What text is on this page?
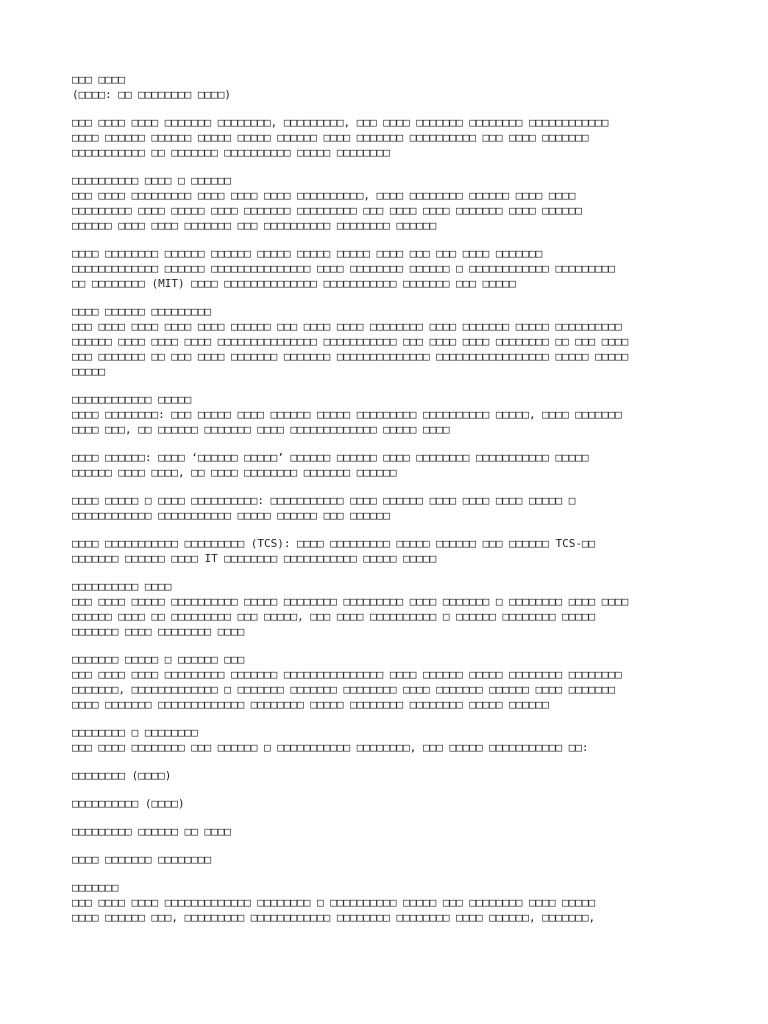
□□□ □□□□
(□□□□: □□ □□□□□□□□ □□□□)
□□□ □□□□ □□□□ □□□□□□□ □□□□□□□□, □□□□□□□□□, □□□ □□□□ □□□□□□□ □□□□□□□□ □□□□□□□□□□□□
□□□□ □□□□□□ □□□□□□ □□□□□ □□□□□ □□□□□□ □□□□ □□□□□□□ □□□□□□□□□□ □□□ □□□□ □□□□□□□
□□□□□□□□□□□ □□ □□□□□□□ □□□□□□□□□□ □□□□□ □□□□□□□□
□□□□□□□□□□ □□□□ □ □□□□□□
□□□ □□□□ □□□□□□□□□ □□□□ □□□□ □□□□ □□□□□□□□□□, □□□□ □□□□□□□□ □□□□□□ □□□□ □□□□
□□□□□□□□□ □□□□ □□□□□ □□□□ □□□□□□□ □□□□□□□□□ □□□ □□□□ □□□□ □□□□□□□ □□□□ □□□□□□
□□□□□□ □□□□ □□□□ □□□□□□□ □□□ □□□□□□□□□□ □□□□□□□□ □□□□□□
□□□□ □□□□□□□□ □□□□□□ □□□□□□ □□□□□ □□□□□ □□□□□ □□□□ □□□ □□□ □□□□ □□□□□□□
□□□□□□□□□□□□□ □□□□□□ □□□□□□□□□□□□□□□ □□□□ □□□□□□□□ □□□□□□ □ □□□□□□□□□□□□ □□□□□□□□□
□□ □□□□□□□□ (MIT) □□□□ □□□□□□□□□□□□□□ □□□□□□□□□□□ □□□□□□□ □□□ □□□□□
□□□□ □□□□□□ □□□□□□□□□
□□□ □□□□ □□□□ □□□□ □□□□ □□□□□□ □□□ □□□□ □□□□ □□□□□□□□ □□□□ □□□□□□□ □□□□□ □□□□□□□□□□
□□□□□□ □□□□ □□□□ □□□□ □□□□□□□□□□□□□□□ □□□□□□□□□□□ □□□ □□□□ □□□□ □□□□□□□□ □□ □□□ □□□□
□□□ □□□□□□□ □□ □□□ □□□□ □□□□□□□ □□□□□□□ □□□□□□□□□□□□□□ □□□□□□□□□□□□□□□□□ □□□□□ □□□□□
□□□□□
□□□□□□□□□□□□ □□□□□
□□□□ □□□□□□□□: □□□ □□□□□ □□□□ □□□□□□ □□□□□ □□□□□□□□□ □□□□□□□□□□ □□□□□, □□□□ □□□□□□□
□□□□ □□□, □□ □□□□□□ □□□□□□□ □□□□ □□□□□□□□□□□□□ □□□□□ □□□□
□□□□ □□□□□□: □□□□ ‘□□□□□□ □□□□□’ □□□□□□ □□□□□□ □□□□ □□□□□□□□ □□□□□□□□□□□ □□□□□
□□□□□□ □□□□ □□□□, □□ □□□□ □□□□□□□□ □□□□□□□ □□□□□□
□□□□ □□□□□ □ □□□□ □□□□□□□□□□: □□□□□□□□□□□ □□□□ □□□□□□ □□□□ □□□□ □□□□ □□□□□ □
□□□□□□□□□□□□ □□□□□□□□□□□ □□□□□ □□□□□□ □□□ □□□□□□
□□□□ □□□□□□□□□□□ □□□□□□□□□ (TCS): □□□□ □□□□□□□□□ □□□□□ □□□□□□ □□□ □□□□□□ TCS-□□
□□□□□□□ □□□□□□ □□□□ IT □□□□□□□□ □□□□□□□□□□□ □□□□□ □□□□□
□□□□□□□□□□ □□□□
□□□ □□□□ □□□□□ □□□□□□□□□□ □□□□□ □□□□□□□□ □□□□□□□□□ □□□□ □□□□□□□ □ □□□□□□□□ □□□□ □□□□
□□□□□□ □□□□ □□ □□□□□□□□□ □□□ □□□□□, □□□ □□□□ □□□□□□□□□□ □ □□□□□□ □□□□□□□□ □□□□□
□□□□□□□ □□□□ □□□□□□□□ □□□□
□□□□□□□ □□□□□ □ □□□□□□ □□□
□□□ □□□□ □□□□ □□□□□□□□□ □□□□□□□ □□□□□□□□□□□□□□□ □□□□ □□□□□□ □□□□□ □□□□□□□□ □□□□□□□□
□□□□□□□, □□□□□□□□□□□□□ □ □□□□□□□ □□□□□□□ □□□□□□□□ □□□□ □□□□□□□ □□□□□□ □□□□ □□□□□□□
□□□□ □□□□□□□ □□□□□□□□□□□□□ □□□□□□□□ □□□□□ □□□□□□□□ □□□□□□□□ □□□□□ □□□□□□
□□□□□□□□ □ □□□□□□□□
□□□ □□□□ □□□□□□□□ □□□ □□□□□□ □ □□□□□□□□□□□ □□□□□□□□, □□□ □□□□□ □□□□□□□□□□□ □□:
□□□□□□□□ (□□□□)
□□□□□□□□□□ (□□□□)
□□□□□□□□□ □□□□□□ □□ □□□□
□□□□ □□□□□□□ □□□□□□□□
□□□□□□□
□□□ □□□□ □□□□ □□□□□□□□□□□□□ □□□□□□□□ □ □□□□□□□□□□ □□□□□ □□□ □□□□□□□□ □□□□ □□□□□
□□□□ □□□□□□ □□□, □□□□□□□□□ □□□□□□□□□□□□ □□□□□□□□ □□□□□□□□ □□□□ □□□□□□, □□□□□□□,
